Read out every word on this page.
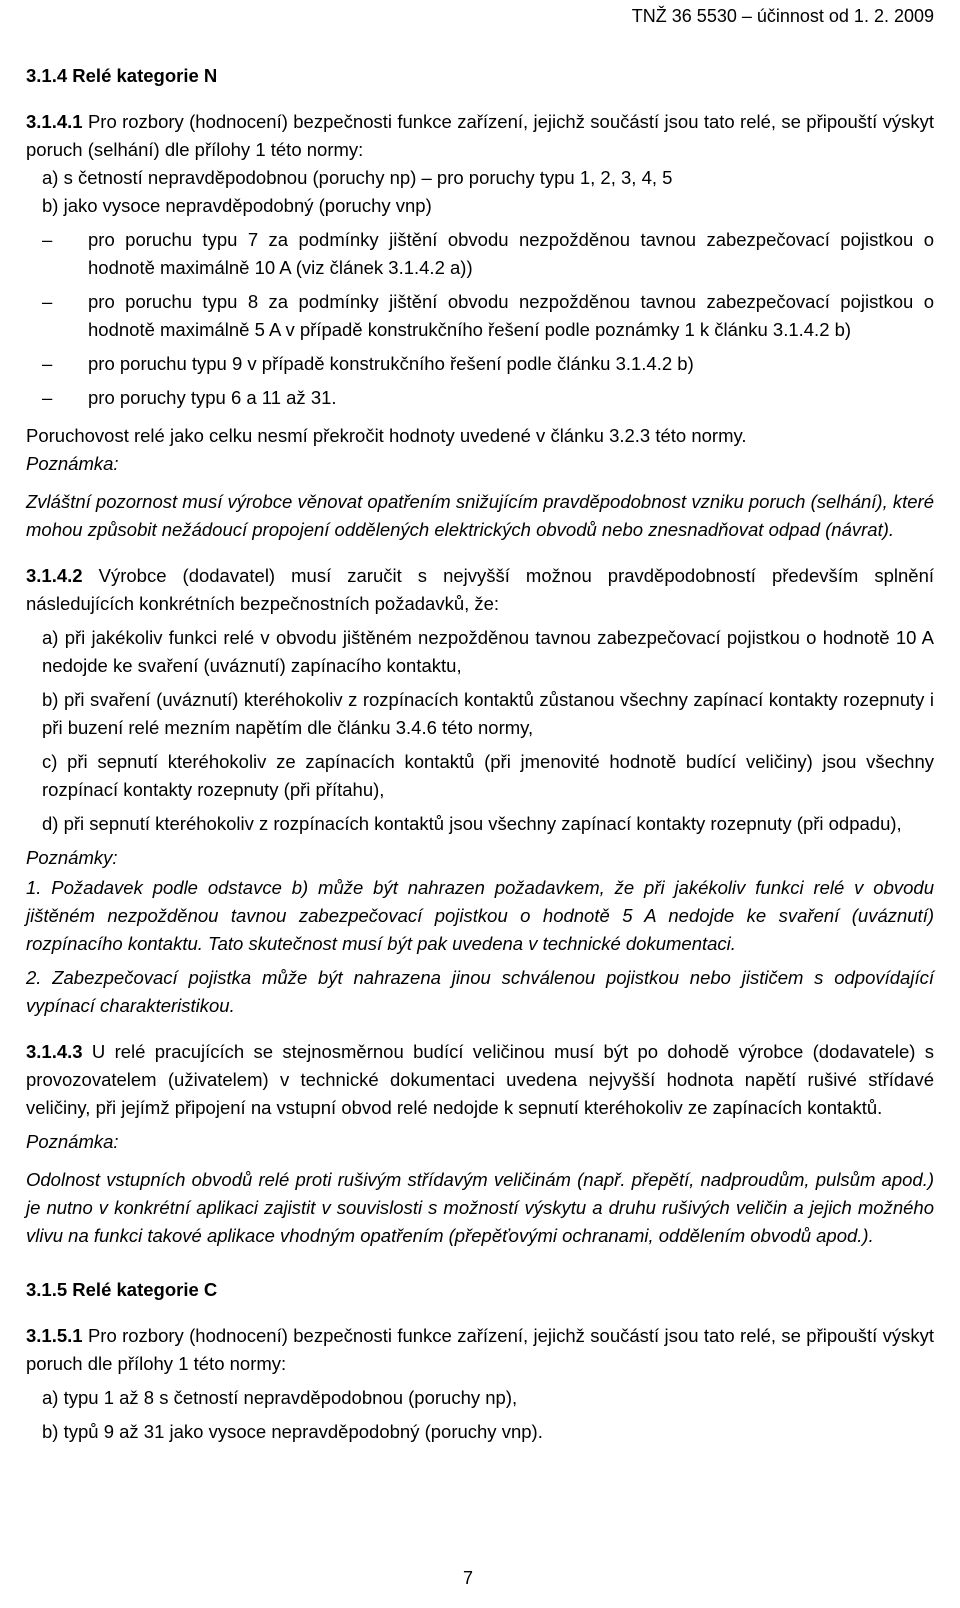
TNŽ 36 5530 – účinnost od 1. 2. 2009

3.1.4 Relé kategorie N

3.1.4.1 Pro rozbory (hodnocení) bezpečnosti funkce zařízení, jejichž součástí jsou tato relé, se připouští výskyt poruch (selhání) dle přílohy 1 této normy:

a) s četností nepravděpodobnou (poruchy np) – pro poruchy typu 1, 2, 3, 4, 5

b) jako vysoce nepravděpodobný (poruchy vnp)

– pro poruchu typu 7 za podmínky jištění obvodu nezpožděnou tavnou zabezpečovací pojistkou o hodnotě maximálně 10 A (viz článek 3.1.4.2 a))

– pro poruchu typu 8 za podmínky jištění obvodu nezpožděnou tavnou zabezpečovací pojistkou o hodnotě maximálně 5 A v případě konstrukčního řešení podle poznámky 1 k článku 3.1.4.2 b)

– pro poruchu typu 9 v případě konstrukčního řešení podle článku 3.1.4.2 b)

– pro poruchy typu 6 a 11 až 31.

Poruchovost relé jako celku nesmí překročit hodnoty uvedené v článku 3.2.3 této normy.

Poznámka:

Zvláštní pozornost musí výrobce věnovat opatřením snižujícím pravděpodobnost vzniku poruch (selhání), které mohou způsobit nežádoucí propojení oddělených elektrických obvodů nebo znesnadňovat odpad (návrat).

3.1.4.2 Výrobce (dodavatel) musí zaručit s nejvyšší možnou pravděpodobností především splnění následujících konkrétních bezpečnostních požadavků, že:

a) při jakékoliv funkci relé v obvodu jištěném nezpožděnou tavnou zabezpečovací pojistkou o hodnotě 10 A nedojde ke svaření (uváznutí) zapínacího kontaktu,

b) při svaření (uváznutí) kteréhokoliv z rozpínacích kontaktů zůstanou všechny zapínací kontakty rozepnuty i při buzení relé mezním napětím dle článku 3.4.6 této normy,

c) při sepnutí kteréhokoliv ze zapínacích kontaktů (při jmenovité hodnotě budící veličiny) jsou všechny rozpínací kontakty rozepnuty (při přítahu),

d) při sepnutí kteréhokoliv z rozpínacích kontaktů jsou všechny zapínací kontakty rozepnuty (při odpadu),

Poznámky:

1. Požadavek podle odstavce b) může být nahrazen požadavkem, že při jakékoliv funkci relé v obvodu jištěném nezpožděnou tavnou zabezpečovací pojistkou o hodnotě 5 A nedojde ke svaření (uváznutí) rozpínacího kontaktu. Tato skutečnost musí být pak uvedena v technické dokumentaci.

2. Zabezpečovací pojistka může být nahrazena jinou schválenou pojistkou nebo jističem s odpovídající vypínací charakteristikou.

3.1.4.3 U relé pracujících se stejnosměrnou budící veličinou musí být po dohodě výrobce (dodavatele) s provozovatelem (uživatelem) v technické dokumentaci uvedena nejvyšší hodnota napětí rušivé střídavé veličiny, při jejímž připojení na vstupní obvod relé nedojde k sepnutí kteréhokoliv ze zapínacích kontaktů.

Poznámka:

Odolnost vstupních obvodů relé proti rušivým střídavým veličinám (např. přepětí, nadproudům, pulsům apod.) je nutno v konkrétní aplikaci zajistit v souvislosti s možností výskytu a druhu rušivých veličin a jejich možného vlivu na funkci takové aplikace vhodným opatřením (přepěťovými ochranami, oddělením obvodů apod.).

3.1.5 Relé kategorie C

3.1.5.1 Pro rozbory (hodnocení) bezpečnosti funkce zařízení, jejichž součástí jsou tato relé, se připouští výskyt poruch dle přílohy 1 této normy:

a) typu 1 až 8 s četností nepravděpodobnou (poruchy np),

b) typů 9 až 31 jako vysoce nepravděpodobný (poruchy vnp).

7
